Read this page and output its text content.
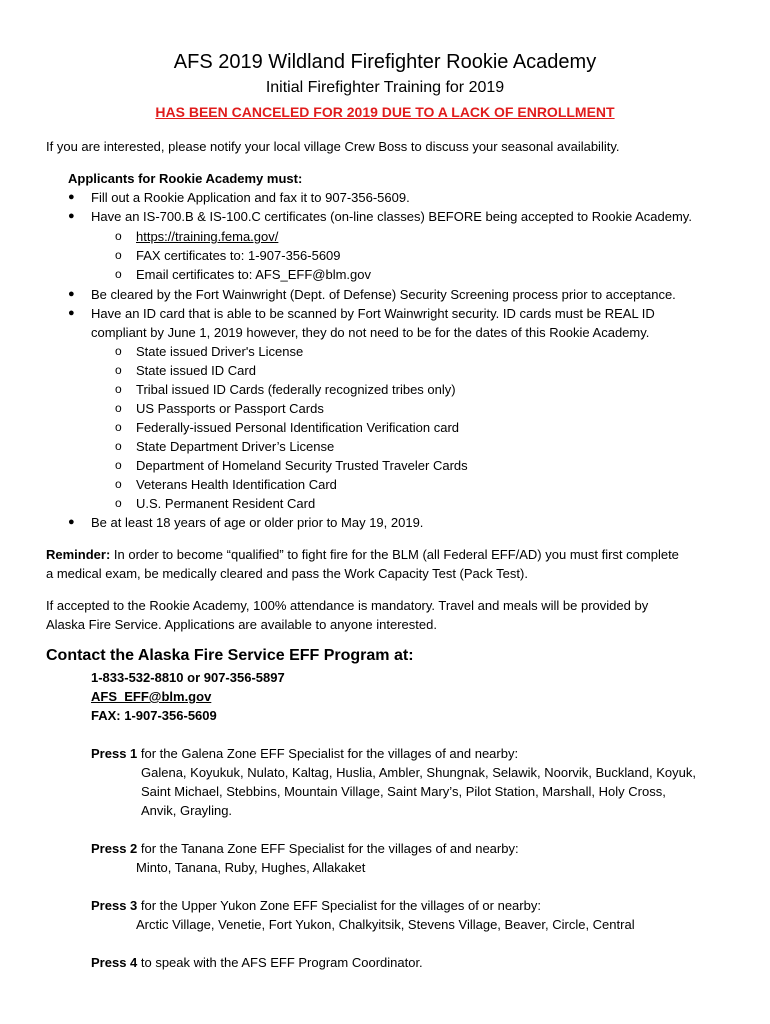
AFS 2019 Wildland Firefighter Rookie Academy
Initial Firefighter Training for 2019
HAS BEEN CANCELED FOR 2019 DUE TO A LACK OF ENROLLMENT
If you are interested, please notify your local village Crew Boss to discuss your seasonal availability.
Applicants for Rookie Academy must:
● Fill out a Rookie Application and fax it to 907-356-5609.
● Have an IS-700.B & IS-100.C certificates (on-line classes) BEFORE being accepted to Rookie Academy.
o https://training.fema.gov/
o FAX certificates to: 1-907-356-5609
o Email certificates to: AFS_EFF@blm.gov
● Be cleared by the Fort Wainwright (Dept. of Defense) Security Screening process prior to acceptance.
● Have an ID card that is able to be scanned by Fort Wainwright security. ID cards must be REAL ID
compliant by June 1, 2019 however, they do not need to be for the dates of this Rookie Academy.
o State issued Driver's License
o State issued ID Card
o Tribal issued ID Cards (federally recognized tribes only)
o US Passports or Passport Cards
o Federally-issued Personal Identification Verification card
o State Department Driver’s License
o Department of Homeland Security Trusted Traveler Cards
o Veterans Health Identification Card
o U.S. Permanent Resident Card
● Be at least 18 years of age or older prior to May 19, 2019.
Reminder: In order to become “qualified” to fight fire for the BLM (all Federal EFF/AD) you must first complete
a medical exam, be medically cleared and pass the Work Capacity Test (Pack Test).
If accepted to the Rookie Academy, 100% attendance is mandatory. Travel and meals will be provided by
Alaska Fire Service. Applications are available to anyone interested.
Contact the Alaska Fire Service EFF Program at:
1-833-532-8810 or 907-356-5897
AFS_EFF@blm.gov
FAX: 1-907-356-5609
Press 1 for the Galena Zone EFF Specialist for the villages of and nearby:
Galena, Koyukuk, Nulato, Kaltag, Huslia, Ambler, Shungnak, Selawik, Noorvik, Buckland, Koyuk,
Saint Michael, Stebbins, Mountain Village, Saint Mary’s, Pilot Station, Marshall, Holy Cross,
Anvik, Grayling.
Press 2 for the Tanana Zone EFF Specialist for the villages of and nearby:
Minto, Tanana, Ruby, Hughes, Allakaket
Press 3 for the Upper Yukon Zone EFF Specialist for the villages of or nearby:
Arctic Village, Venetie, Fort Yukon, Chalkyitsik, Stevens Village, Beaver, Circle, Central
Press 4 to speak with the AFS EFF Program Coordinator.
